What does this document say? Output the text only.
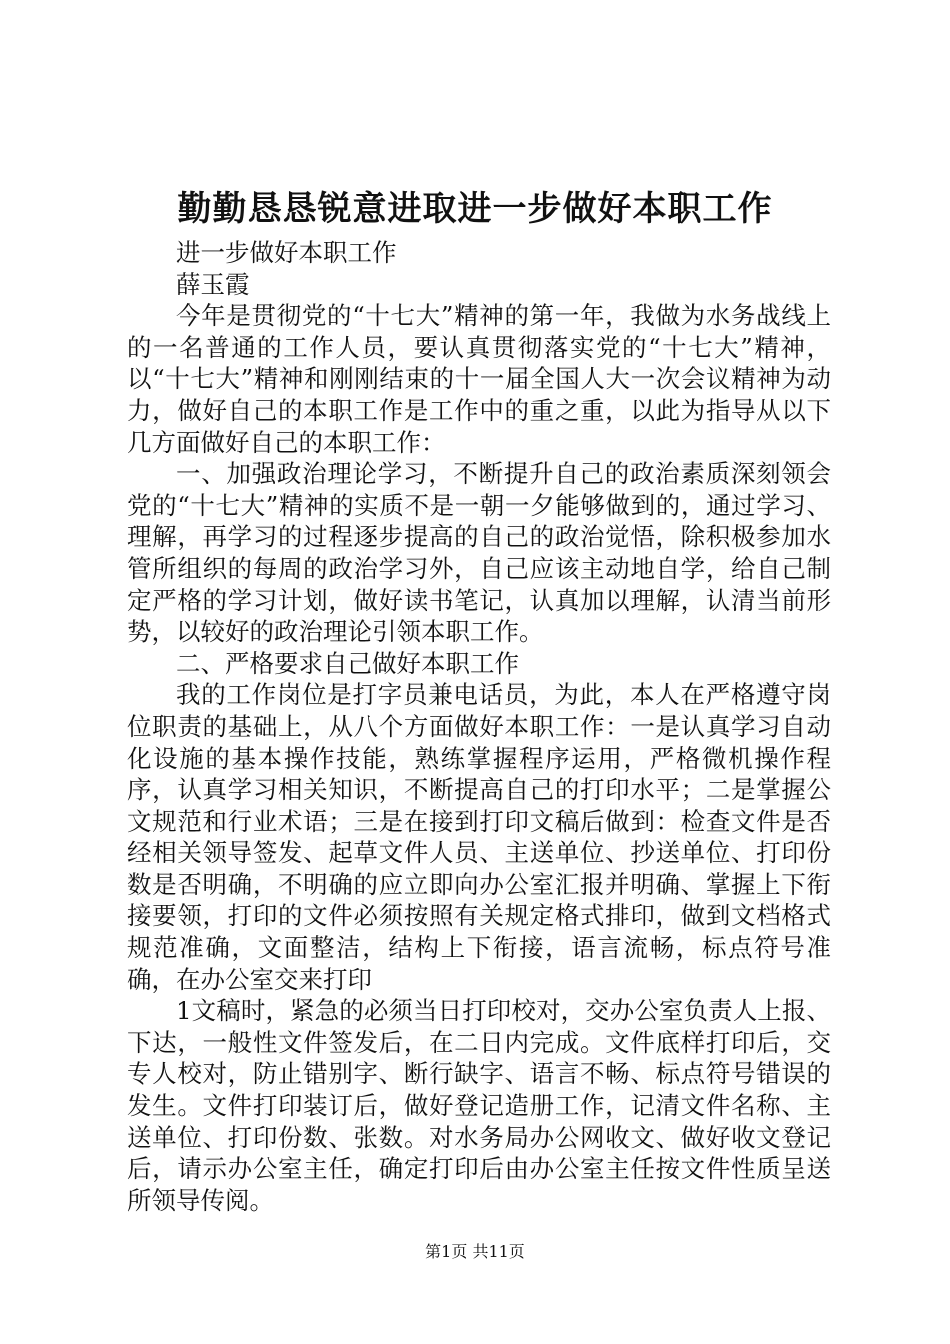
勤勤恳恳锐意进取进一步做好本职工作

进一步做好本职工作

薛玉霞

今年是贯彻党的“十七大”精神的第一年，我做为水务战线上的一名普通的工作人员，要认真贯彻落实党的“十七大”精神，以“十七大”精神和刚刚结束的十一届全国人大一次会议精神为动力，做好自己的本职工作是工作中的重之重，以此为指导从以下几方面做好自己的本职工作：

一、加强政治理论学习，不断提升自己的政治素质深刻领会党的“十七大”精神的实质不是一朝一夕能够做到的，通过学习、理解，再学习的过程逐步提高的自己的政治觉悟，除积极参加水管所组织的每周的政治学习外，自己应该主动地自学，给自己制定严格的学习计划，做好读书笔记，认真加以理解，认清当前形势，以较好的政治理论引领本职工作。

二、严格要求自己做好本职工作

我的工作岗位是打字员兼电话员，为此，本人在严格遵守岗位职责的基础上，从八个方面做好本职工作：一是认真学习自动化设施的基本操作技能，熟练掌握程序运用，严格微机操作程序，认真学习相关知识，不断提高自己的打印水平；二是掌握公文规范和行业术语；三是在接到打印文稿后做到：检查文件是否经相关领导签发、起草文件人员、主送单位、抄送单位、打印份数是否明确，不明确的应立即向办公室汇报并明确、掌握上下衔接要领，打印的文件必须按照有关规定格式排印，做到文档格式规范准确，文面整洁，结构上下衔接，语言流畅，标点符号准确，在办公室交来打印

1文稿时，紧急的必须当日打印校对，交办公室负责人上报、下达，一般性文件签发后，在二日内完成。文件底样打印后，交专人校对，防止错别字、断行缺字、语言不畅、标点符号错误的发生。文件打印装订后，做好登记造册工作，记清文件名称、主送单位、打印份数、张数。对水务局办公网收文、做好收文登记后，请示办公室主任，确定打印后由办公室主任按文件性质呈送所领导传阅。

第1页 共11页
